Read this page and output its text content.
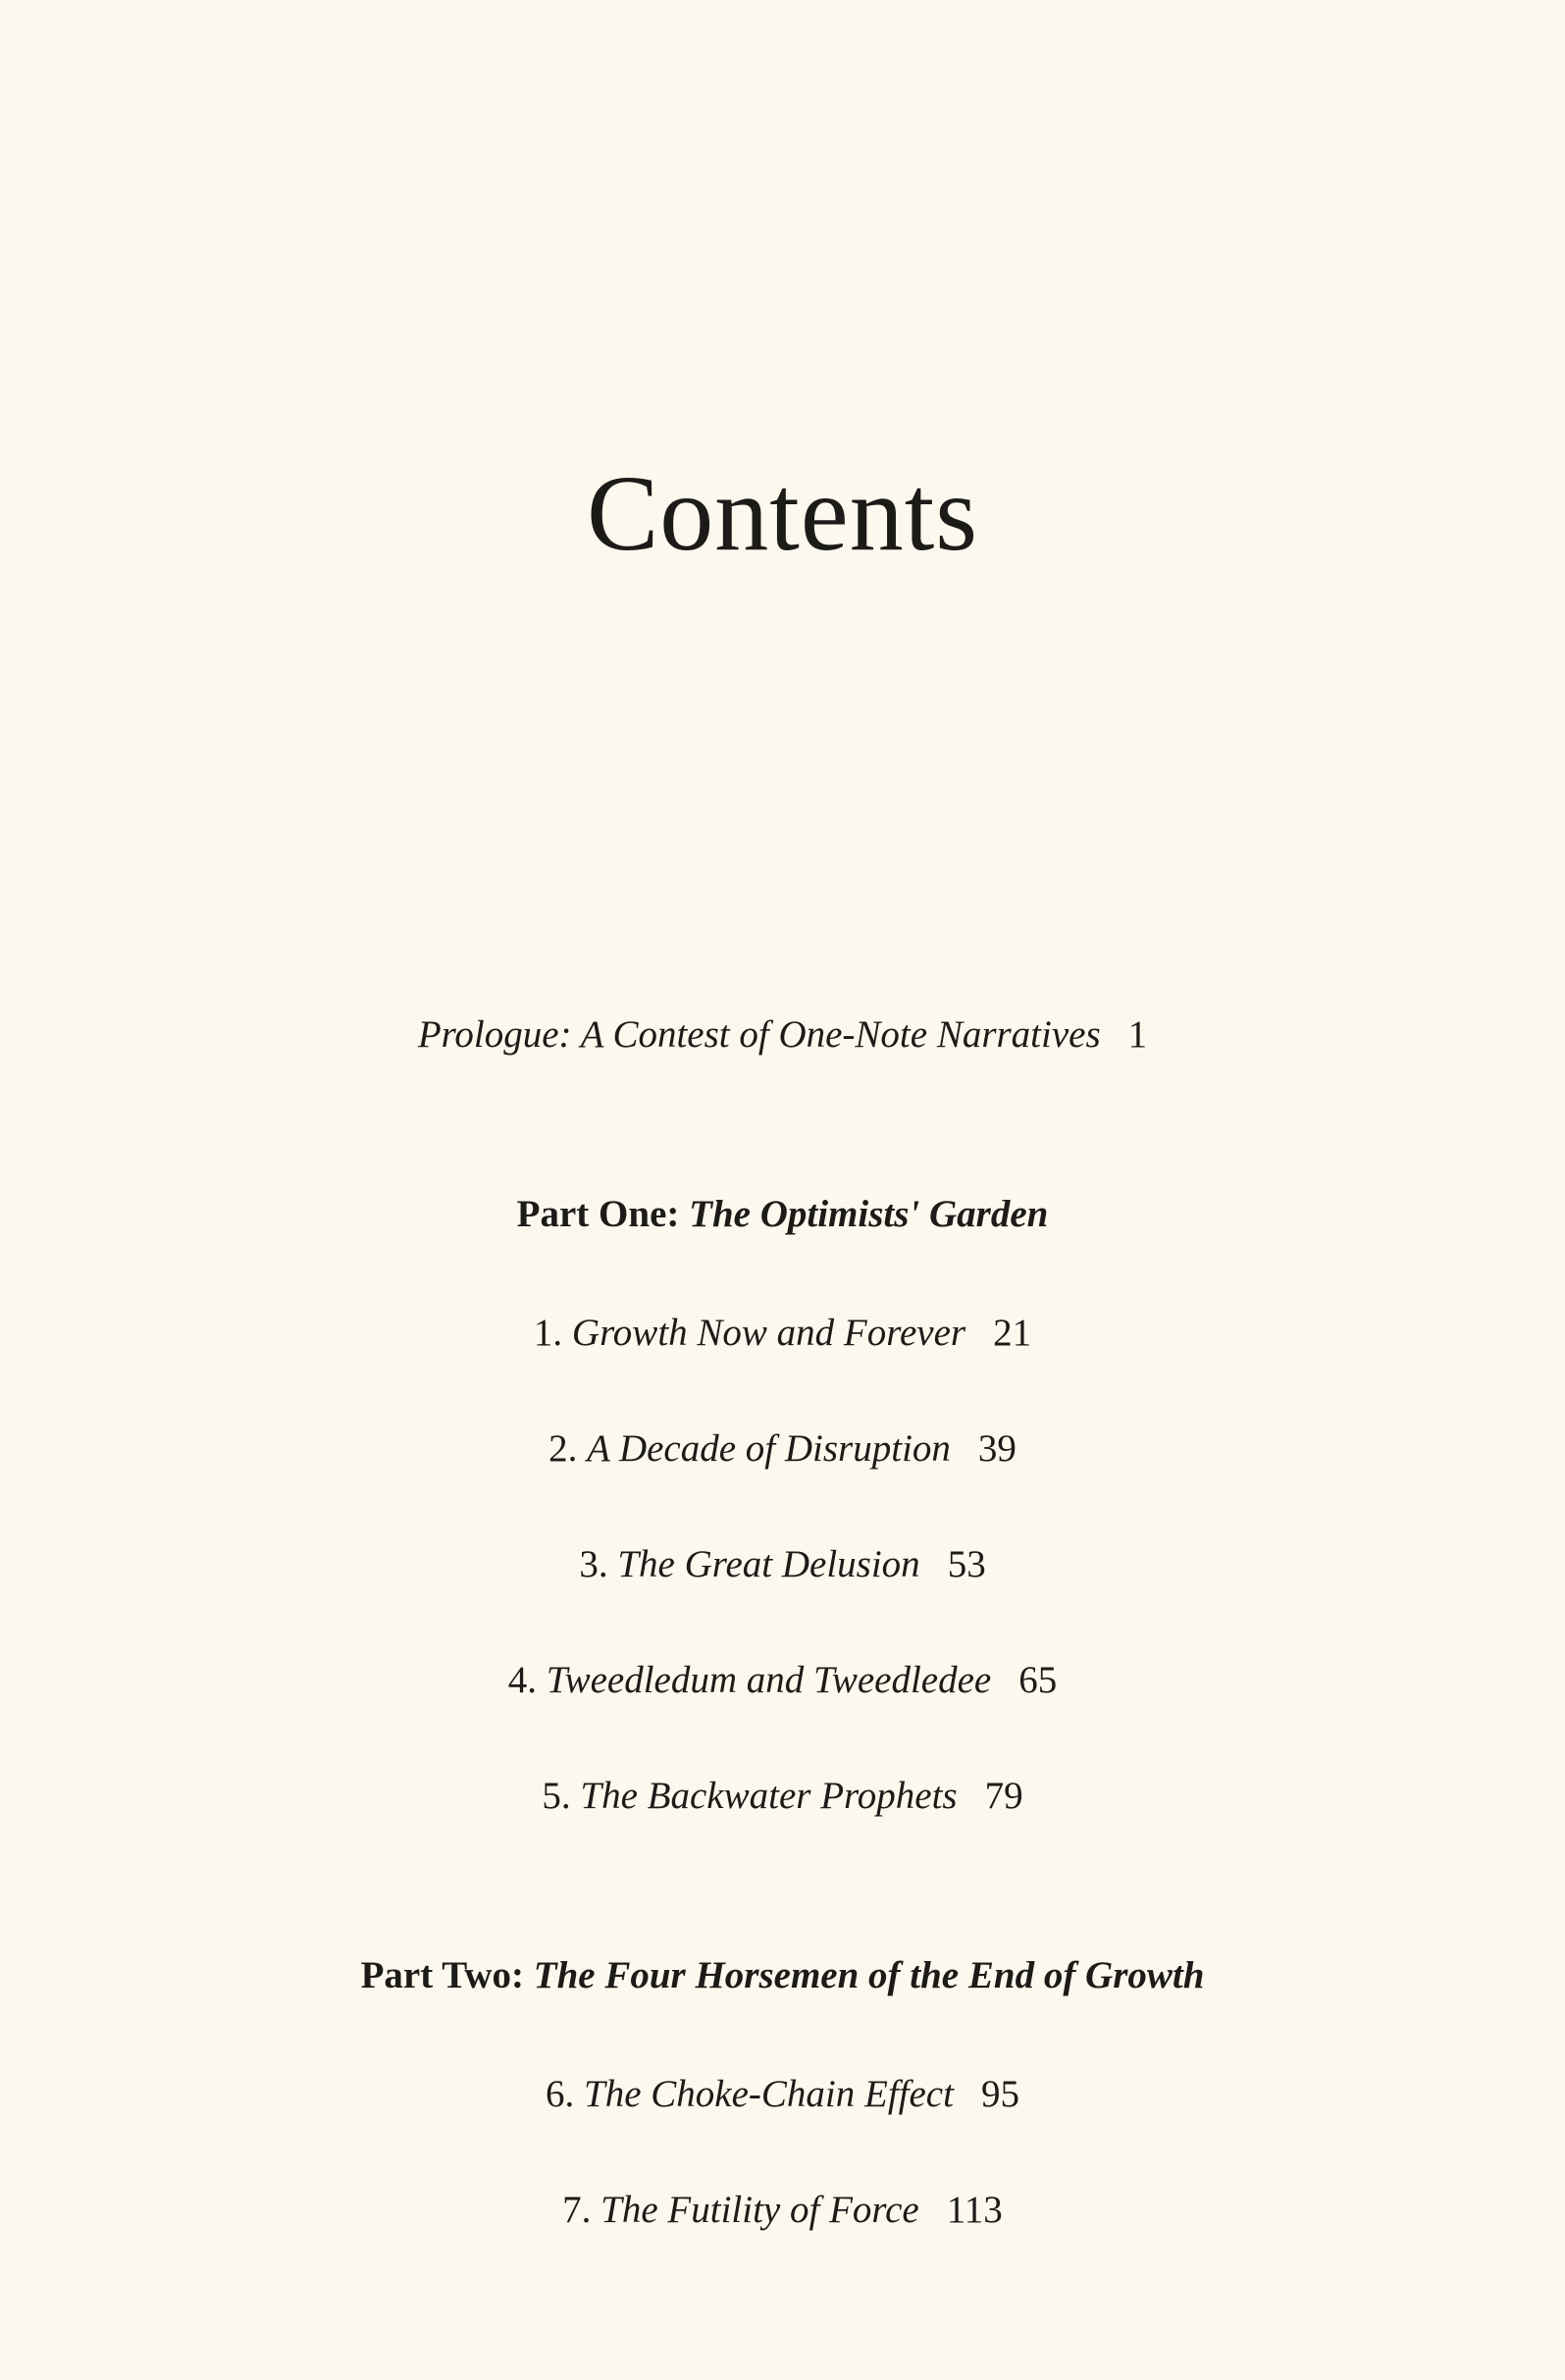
Contents
Prologue: A Contest of One-Note Narratives 1
Part One: The Optimists' Garden
1. Growth Now and Forever 21
2. A Decade of Disruption 39
3. The Great Delusion 53
4. Tweedledum and Tweedledee 65
5. The Backwater Prophets 79
Part Two: The Four Horsemen of the End of Growth
6. The Choke-Chain Effect 95
7. The Futility of Force 113
